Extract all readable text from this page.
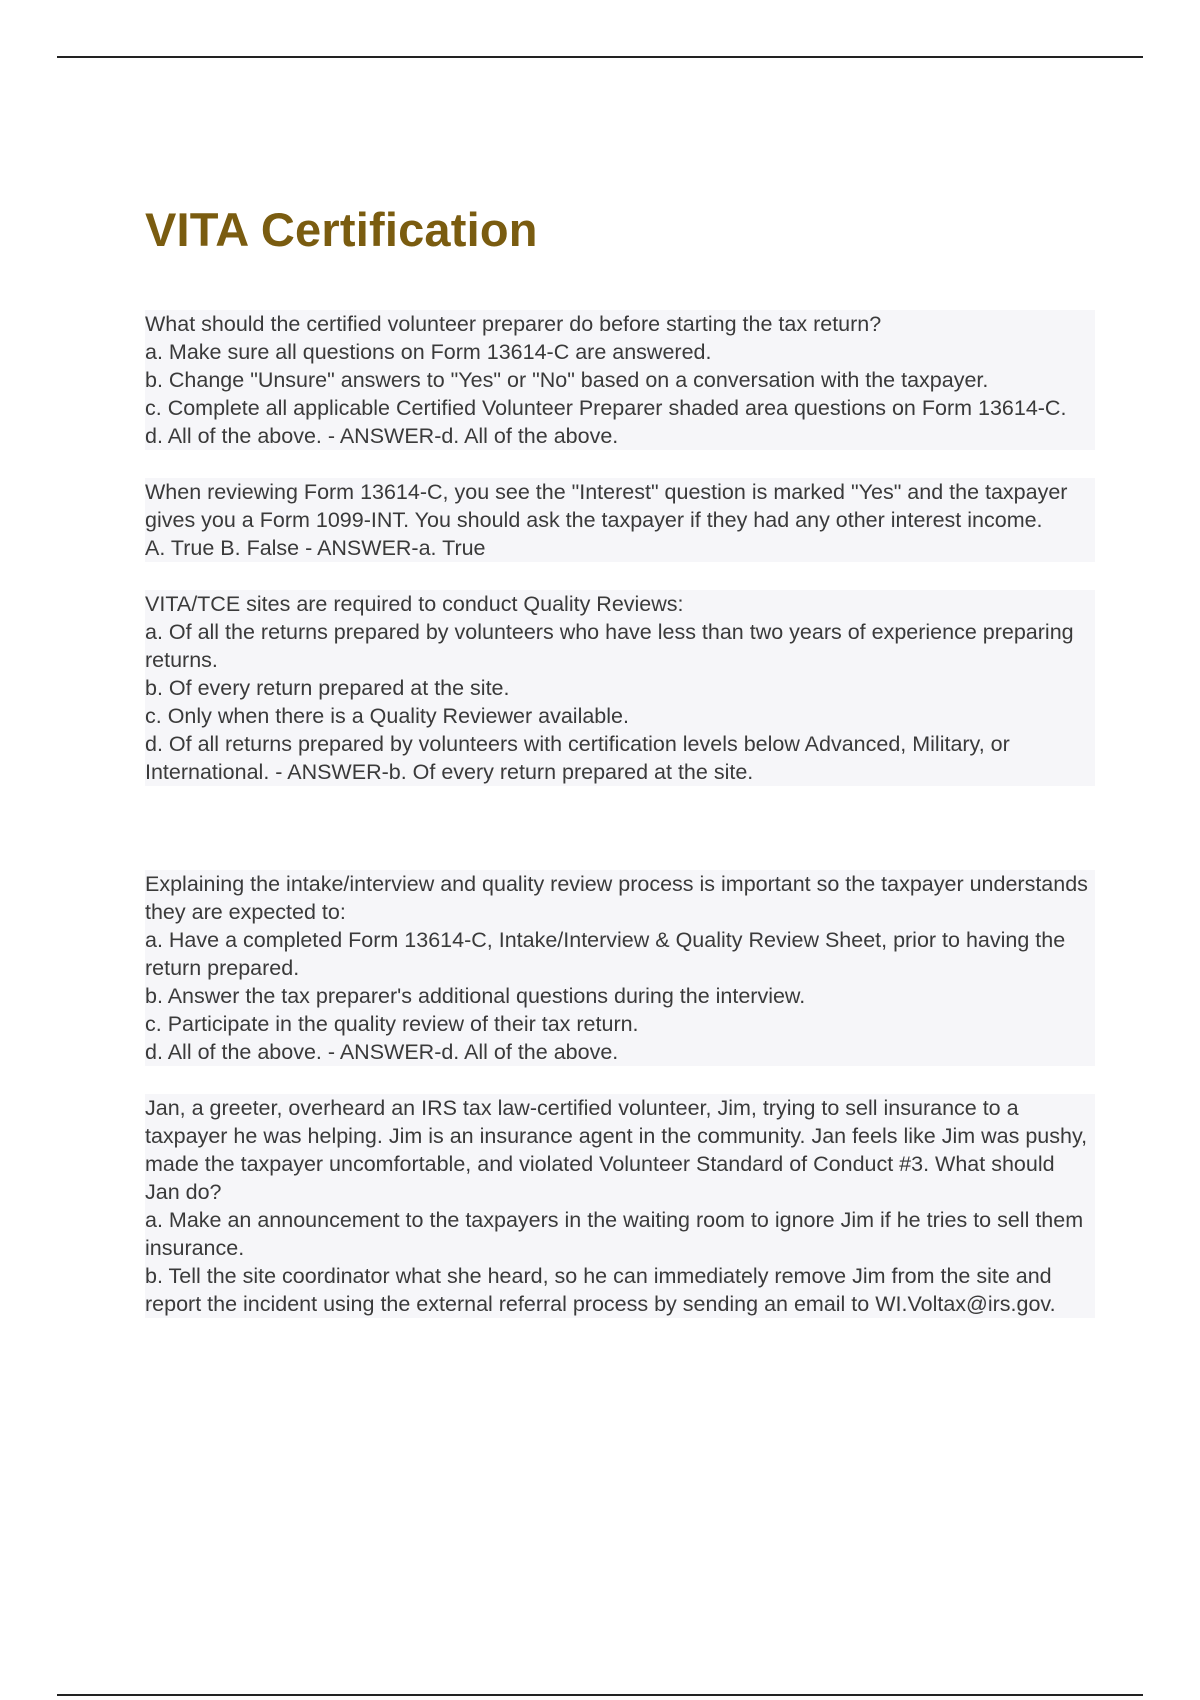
VITA Certification
What should the certified volunteer preparer do before starting the tax return?
a. Make sure all questions on Form 13614-C are answered.
b. Change "Unsure" answers to "Yes" or "No" based on a conversation with the taxpayer.
c. Complete all applicable Certified Volunteer Preparer shaded area questions on Form 13614-C.
d. All of the above. - ANSWER-d. All of the above.
When reviewing Form 13614-C, you see the "Interest" question is marked "Yes" and the taxpayer gives you a Form 1099-INT. You should ask the taxpayer if they had any other interest income.
A. True B. False - ANSWER-a. True
VITA/TCE sites are required to conduct Quality Reviews:
a. Of all the returns prepared by volunteers who have less than two years of experience preparing returns.
b. Of every return prepared at the site.
c. Only when there is a Quality Reviewer available.
d. Of all returns prepared by volunteers with certification levels below Advanced, Military, or International. - ANSWER-b. Of every return prepared at the site.
Explaining the intake/interview and quality review process is important so the taxpayer understands they are expected to:
a. Have a completed Form 13614-C, Intake/Interview & Quality Review Sheet, prior to having the return prepared.
b. Answer the tax preparer's additional questions during the interview.
c. Participate in the quality review of their tax return.
d. All of the above. - ANSWER-d. All of the above.
Jan, a greeter, overheard an IRS tax law-certified volunteer, Jim, trying to sell insurance to a taxpayer he was helping. Jim is an insurance agent in the community. Jan feels like Jim was pushy, made the taxpayer uncomfortable, and violated Volunteer Standard of Conduct #3. What should Jan do?
a. Make an announcement to the taxpayers in the waiting room to ignore Jim if he tries to sell them insurance.
b. Tell the site coordinator what she heard, so he can immediately remove Jim from the site and report the incident using the external referral process by sending an email to WI.Voltax@irs.gov.
